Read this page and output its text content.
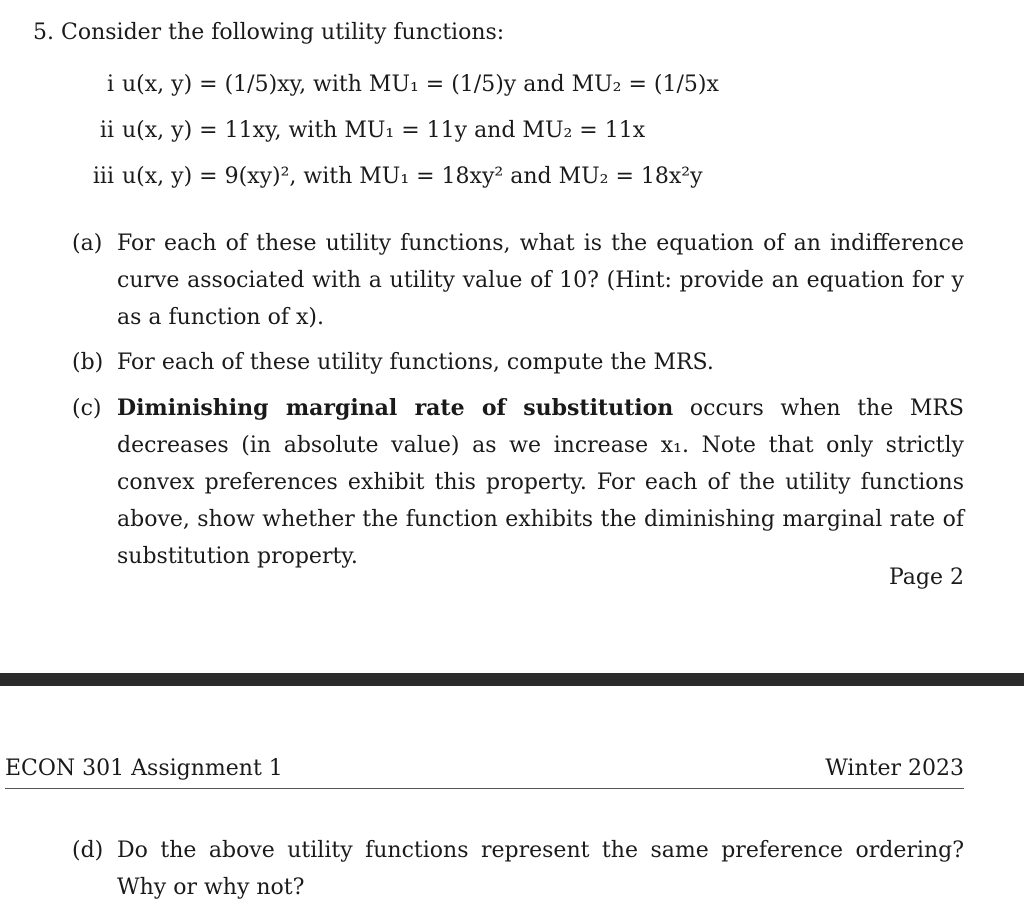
5. Consider the following utility functions:
i u(x, y) = (1/5)xy, with MU₁ = (1/5)y and MU₂ = (1/5)x
ii u(x, y) = 11xy, with MU₁ = 11y and MU₂ = 11x
iii u(x, y) = 9(xy)², with MU₁ = 18xy² and MU₂ = 18x²y
(a) For each of these utility functions, what is the equation of an indifference curve associated with a utility value of 10? (Hint: provide an equation for y as a function of x).
(b) For each of these utility functions, compute the MRS.
(c) Diminishing marginal rate of substitution occurs when the MRS decreases (in absolute value) as we increase x₁. Note that only strictly convex preferences exhibit this property. For each of the utility functions above, show whether the function exhibits the diminishing marginal rate of substitution property.
Page 2
ECON 301 Assignment 1	Winter 2023
(d) Do the above utility functions represent the same preference ordering? Why or why not?
